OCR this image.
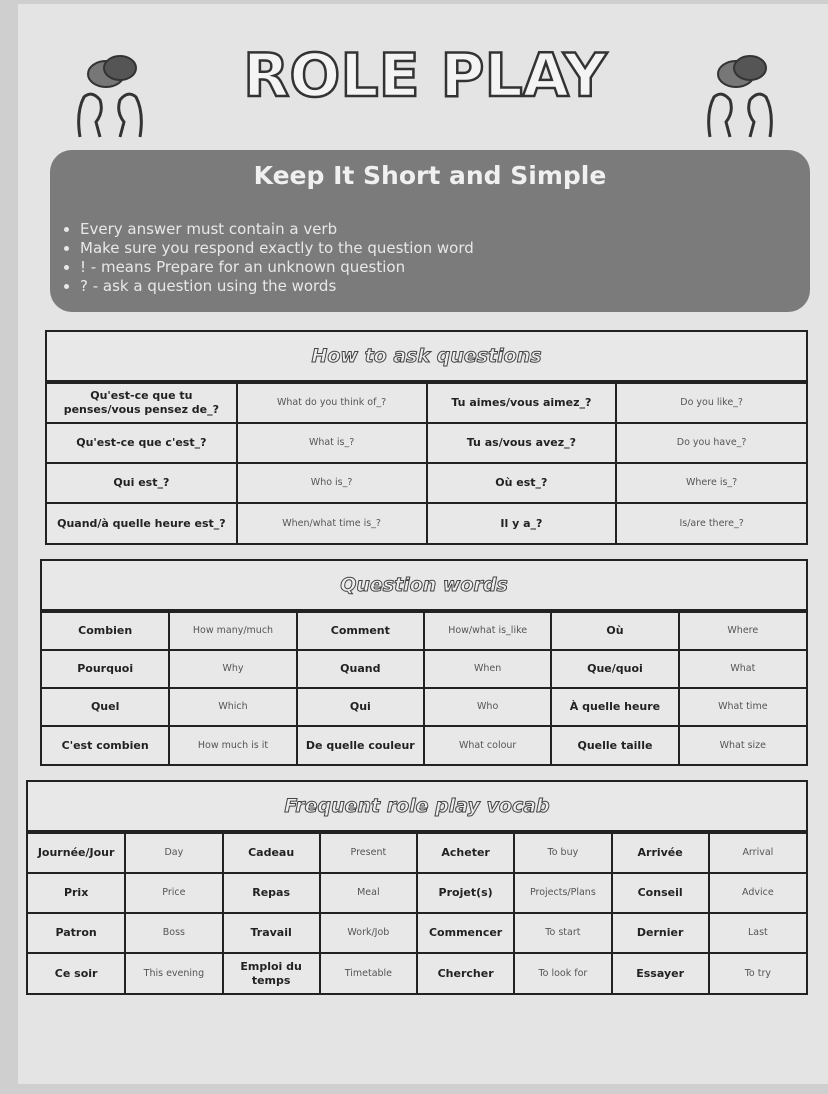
ROLE PLAY
Keep It Short and Simple
• Every answer must contain a verb
• Make sure you respond exactly to the question word
• ! - means Prepare for an unknown question
• ? - ask a question using the words
How to ask questions
Qu'est-ce que tu penses/vous pensez de_?	What do you think of_?	Tu aimes/vous aimez_?	Do you like_?
Qu'est-ce que c'est_?	What is_?	Tu as/vous avez_?	Do you have_?
Qui est_?	Who is_?	Où est_?	Where is_?
Quand/à quelle heure est_?	When/what time is_?	Il y a_?	Is/are there_?
Question words
Combien	How many/much	Comment	How/what is_like	Où	Where
Pourquoi	Why	Quand	When	Que/quoi	What
Quel	Which	Qui	Who	À quelle heure	What time
C'est combien	How much is it	De quelle couleur	What colour	Quelle taille	What size
Frequent role play vocab
Journée/Jour	Day	Cadeau	Present	Acheter	To buy	Arrivée	Arrival
Prix	Price	Repas	Meal	Projet(s)	Projects/Plans	Conseil	Advice
Patron	Boss	Travail	Work/Job	Commencer	To start	Dernier	Last
Ce soir	This evening	Emploi du temps	Timetable	Chercher	To look for	Essayer	To try
